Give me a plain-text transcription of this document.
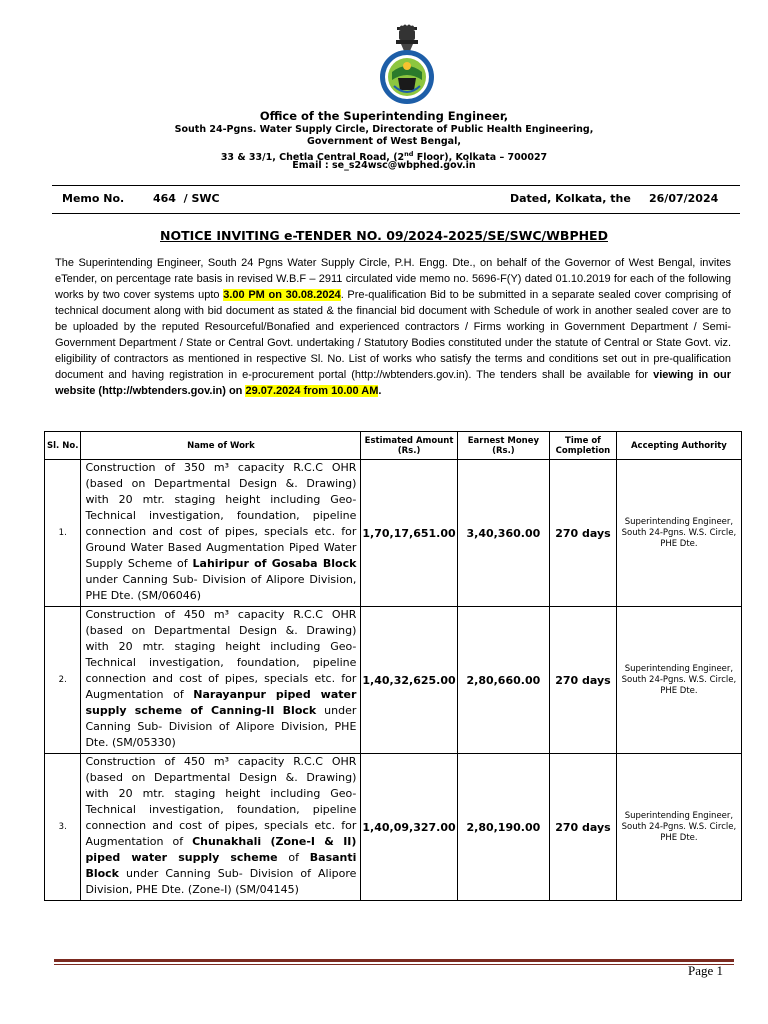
Office of the Superintending Engineer,
South 24-Pgns. Water Supply Circle, Directorate of Public Health Engineering,
Government of West Bengal,
33 & 33/1, Chetla Central Road, (2nd Floor), Kolkata – 700027
Email : se_s24wsc@wbphed.gov.in
Memo No.	464  / SWC	Dated, Kolkata, the 26/07/2024
NOTICE INVITING e-TENDER NO. 09/2024-2025/SE/SWC/WBPHED
The Superintending Engineer, South 24 Pgns Water Supply Circle, P.H. Engg. Dte., on behalf of the Governor of West Bengal, invites eTender, on percentage rate basis in revised W.B.F – 2911 circulated vide memo no. 5696-F(Y) dated 01.10.2019 for each of the following works by two cover systems upto 3.00 PM on 30.08.2024. Pre-qualification Bid to be submitted in a separate sealed cover comprising of technical document along with bid document as stated & the financial bid document with Schedule of work in another sealed cover are to be uploaded by the reputed Resourceful/Bonafied and experienced contractors / Firms working in Government Department / Semi-Government Department / State or Central Govt. undertaking / Statutory Bodies constituted under the statute of Central or State Govt. viz. eligibility of contractors as mentioned in respective Sl. No. List of works who satisfy the terms and conditions set out in pre-qualification document and having registration in e-procurement portal (http://wbtenders.gov.in). The tenders shall be available for viewing in our website (http://wbtenders.gov.in) on 29.07.2024 from 10.00 AM.
Sl. No.	Name of Work	Estimated Amount (Rs.)	Earnest Money (Rs.)	Time of Completion	Accepting Authority
1.	Construction of 350 m³ capacity R.C.C OHR (based on Departmental Design &. Drawing) with 20 mtr. staging height including Geo-Technical investigation, foundation, pipeline connection and cost of pipes, specials etc. for Ground Water Based Augmentation Piped Water Supply Scheme of Lahiripur of Gosaba Block under Canning Sub- Division of Alipore Division, PHE Dte. (SM/06046)	1,70,17,651.00	3,40,360.00	270 days	Superintending Engineer, South 24-Pgns. W.S. Circle, PHE Dte.
2.	Construction of 450 m³ capacity R.C.C OHR (based on Departmental Design &. Drawing) with 20 mtr. staging height including Geo-Technical investigation, foundation, pipeline connection and cost of pipes, specials etc. for Augmentation of Narayanpur piped water supply scheme of Canning-II Block under Canning Sub- Division of Alipore Division, PHE Dte. (SM/05330)	1,40,32,625.00	2,80,660.00	270 days	Superintending Engineer, South 24-Pgns. W.S. Circle, PHE Dte.
3.	Construction of 450 m³ capacity R.C.C OHR (based on Departmental Design &. Drawing) with 20 mtr. staging height including Geo-Technical investigation, foundation, pipeline connection and cost of pipes, specials etc. for Augmentation of Chunakhali (Zone-I & II) piped water supply scheme of Basanti Block under Canning Sub- Division of Alipore Division, PHE Dte. (Zone-I) (SM/04145)	1,40,09,327.00	2,80,190.00	270 days	Superintending Engineer, South 24-Pgns. W.S. Circle, PHE Dte.
Page 1
